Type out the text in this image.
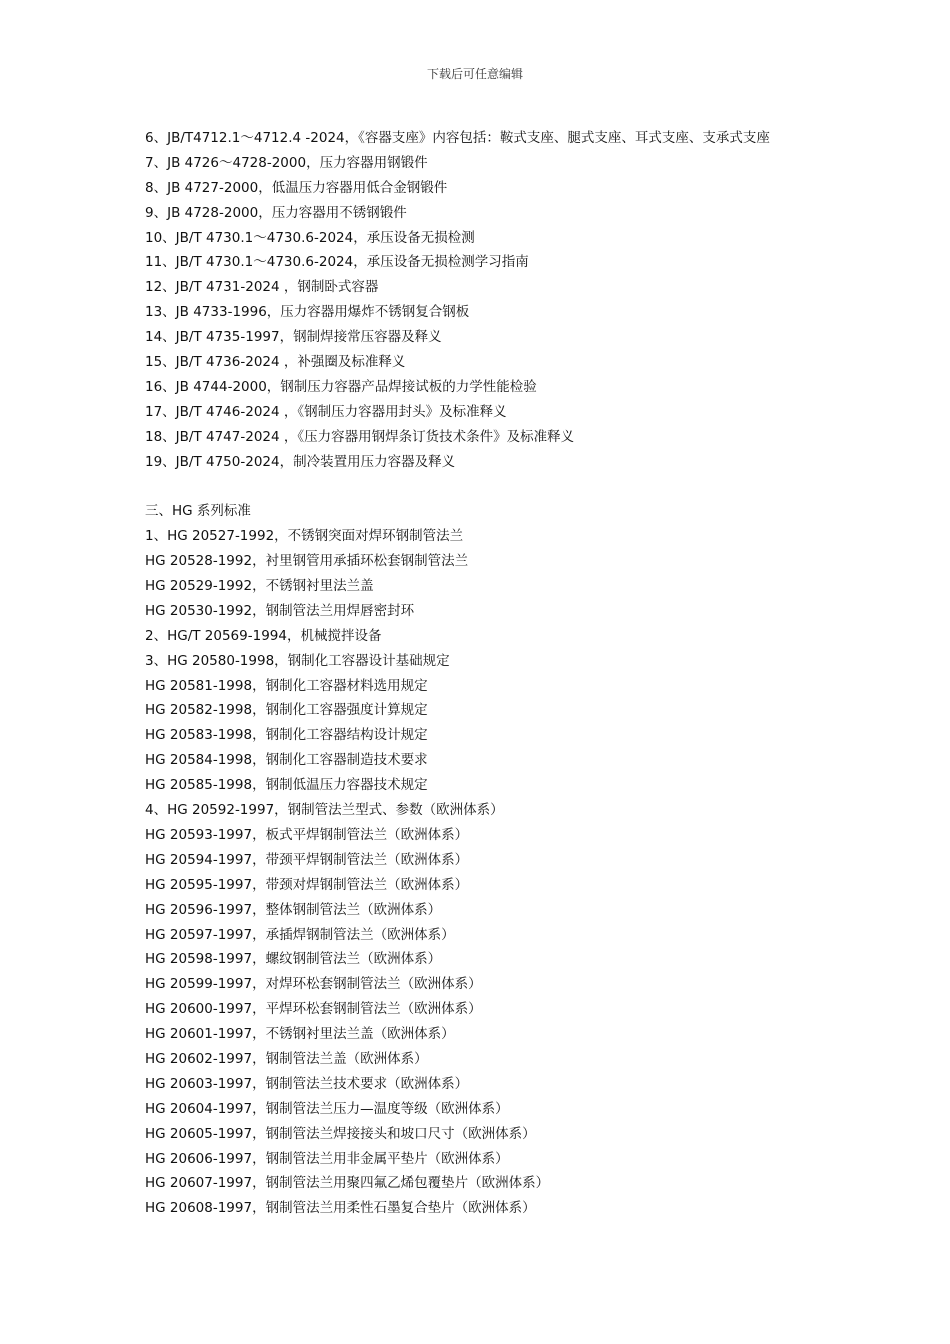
下载后可任意编辑
6、JB/T4712.1～4712.4 -2024，《容器支座》内容包括：鞍式支座、腿式支座、耳式支座、支承式支座
7、JB 4726～4728-2000，压力容器用钢锻件
8、JB 4727-2000，低温压力容器用低合金钢锻件
9、JB 4728-2000，压力容器用不锈钢锻件
10、JB/T 4730.1～4730.6-2024，承压设备无损检测
11、JB/T 4730.1～4730.6-2024，承压设备无损检测学习指南
12、JB/T 4731-2024 ，钢制卧式容器
13、JB 4733-1996，压力容器用爆炸不锈钢复合钢板
14、JB/T 4735-1997，钢制焊接常压容器及释义
15、JB/T 4736-2024 ，补强圈及标准释义
16、JB 4744-2000，钢制压力容器产品焊接试板的力学性能检验
17、JB/T 4746-2024 ，《钢制压力容器用封头》及标准释义
18、JB/T 4747-2024 ，《压力容器用钢焊条订货技术条件》及标准释义
19、JB/T 4750-2024，制冷装置用压力容器及释义
三、HG 系列标准
1、HG 20527-1992，不锈钢突面对焊环钢制管法兰
HG 20528-1992，衬里钢管用承插环松套钢制管法兰
HG 20529-1992，不锈钢衬里法兰盖
HG 20530-1992，钢制管法兰用焊唇密封环
2、HG/T 20569-1994，机械搅拌设备
3、HG 20580-1998，钢制化工容器设计基础规定
HG 20581-1998，钢制化工容器材料选用规定
HG 20582-1998，钢制化工容器强度计算规定
HG 20583-1998，钢制化工容器结构设计规定
HG 20584-1998，钢制化工容器制造技术要求
HG 20585-1998，钢制低温压力容器技术规定
4、HG 20592-1997，钢制管法兰型式、参数（欧洲体系）
HG 20593-1997，板式平焊钢制管法兰（欧洲体系）
HG 20594-1997，带颈平焊钢制管法兰（欧洲体系）
HG 20595-1997，带颈对焊钢制管法兰（欧洲体系）
HG 20596-1997，整体钢制管法兰（欧洲体系）
HG 20597-1997，承插焊钢制管法兰（欧洲体系）
HG 20598-1997，螺纹钢制管法兰（欧洲体系）
HG 20599-1997，对焊环松套钢制管法兰（欧洲体系）
HG 20600-1997，平焊环松套钢制管法兰（欧洲体系）
HG 20601-1997，不锈钢衬里法兰盖（欧洲体系）
HG 20602-1997，钢制管法兰盖（欧洲体系）
HG 20603-1997，钢制管法兰技术要求（欧洲体系）
HG 20604-1997，钢制管法兰压力—温度等级（欧洲体系）
HG 20605-1997，钢制管法兰焊接接头和坡口尺寸（欧洲体系）
HG 20606-1997，钢制管法兰用非金属平垫片（欧洲体系）
HG 20607-1997，钢制管法兰用聚四氟乙烯包覆垫片（欧洲体系）
HG 20608-1997，钢制管法兰用柔性石墨复合垫片（欧洲体系）
